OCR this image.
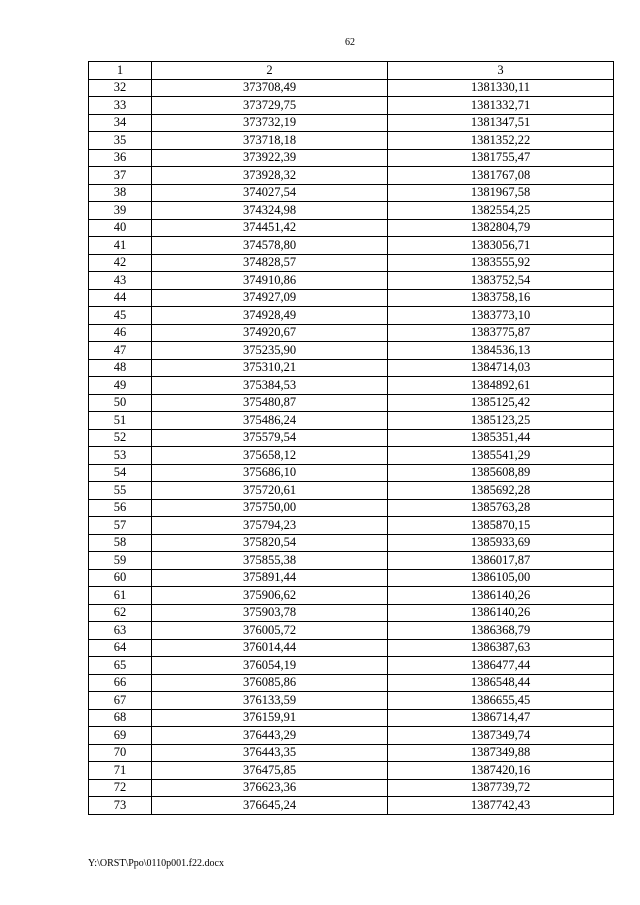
62
1	2	3
32	373708,49	1381330,11
33	373729,75	1381332,71
34	373732,19	1381347,51
35	373718,18	1381352,22
36	373922,39	1381755,47
37	373928,32	1381767,08
38	374027,54	1381967,58
39	374324,98	1382554,25
40	374451,42	1382804,79
41	374578,80	1383056,71
42	374828,57	1383555,92
43	374910,86	1383752,54
44	374927,09	1383758,16
45	374928,49	1383773,10
46	374920,67	1383775,87
47	375235,90	1384536,13
48	375310,21	1384714,03
49	375384,53	1384892,61
50	375480,87	1385125,42
51	375486,24	1385123,25
52	375579,54	1385351,44
53	375658,12	1385541,29
54	375686,10	1385608,89
55	375720,61	1385692,28
56	375750,00	1385763,28
57	375794,23	1385870,15
58	375820,54	1385933,69
59	375855,38	1386017,87
60	375891,44	1386105,00
61	375906,62	1386140,26
62	375903,78	1386140,26
63	376005,72	1386368,79
64	376014,44	1386387,63
65	376054,19	1386477,44
66	376085,86	1386548,44
67	376133,59	1386655,45
68	376159,91	1386714,47
69	376443,29	1387349,74
70	376443,35	1387349,88
71	376475,85	1387420,16
72	376623,36	1387739,72
73	376645,24	1387742,43
Y:\ORST\Ppo\0110p001.f22.docx
